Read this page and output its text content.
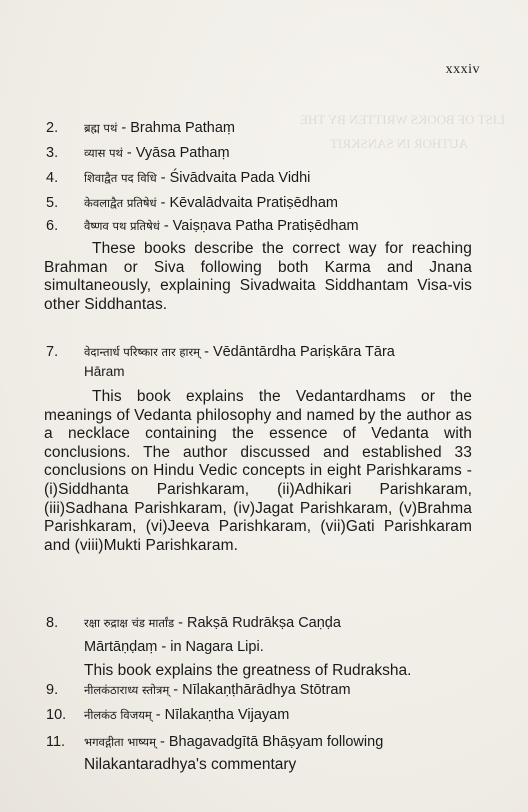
LIST OF BOOKS WRITTEN BY THE
AUTHOR IN SANSKRIT
xxxiv
2.	ब्रह्म पथं - Brahma Pathaṃ
3.	व्यास पथं - Vyāsa Pathaṃ
4.	शिवाद्वैत पद विधि - Śivādvaita Pada Vidhi
5.	केवलाद्वैत प्रतिषेधं - Kēvalādvaita Pratiṣēdham
6.	वैष्णव पथ प्रतिषेधं - Vaiṣṇava Patha Pratiṣēdham
These books describe the correct way for reaching Brahman or Siva following both Karma and Jnana simultaneously, explaining Sivadwaita Siddhantam Visa-vis other Siddhantas.
7.	वेदान्तार्ध परिष्कार तार हारम् - Vēdāntārdha Pariṣkāra Tāra
Hāram
This book explains the Vedantardhams or the meanings of Vedanta philosophy and named by the author as a necklace containing the essence of Vedanta with conclusions. The author discussed and established 33 conclusions on Hindu Vedic concepts in eight Parishkarams - (i)Siddhanta Parishkaram, (ii)Adhikari Parishkaram, (iii)Sadhana Parishkaram, (iv)Jagat Parishkaram, (v)Brahma Parishkaram, (vi)Jeeva Parishkaram, (vii)Gati Parishkaram and (viii)Mukti Parishkaram.
8.	रक्षा रुद्राक्ष चंड मार्तांड - Rakṣā Rudrākṣa Caṇḍa
Mārtāṇḍaṃ - in Nagara Lipi.
This book explains the greatness of Rudraksha.
9.	नीलकंठाराध्य स्तोत्रम् - Nīlakaṇṭhārādhya Stōtram
10.	नीलकंठ विजयम् - Nīlakaṇtha Vijayam
11.	भगवद्गीता भाष्यम् - Bhagavadgītā Bhāṣyam following
Nilakantaradhya's commentary
